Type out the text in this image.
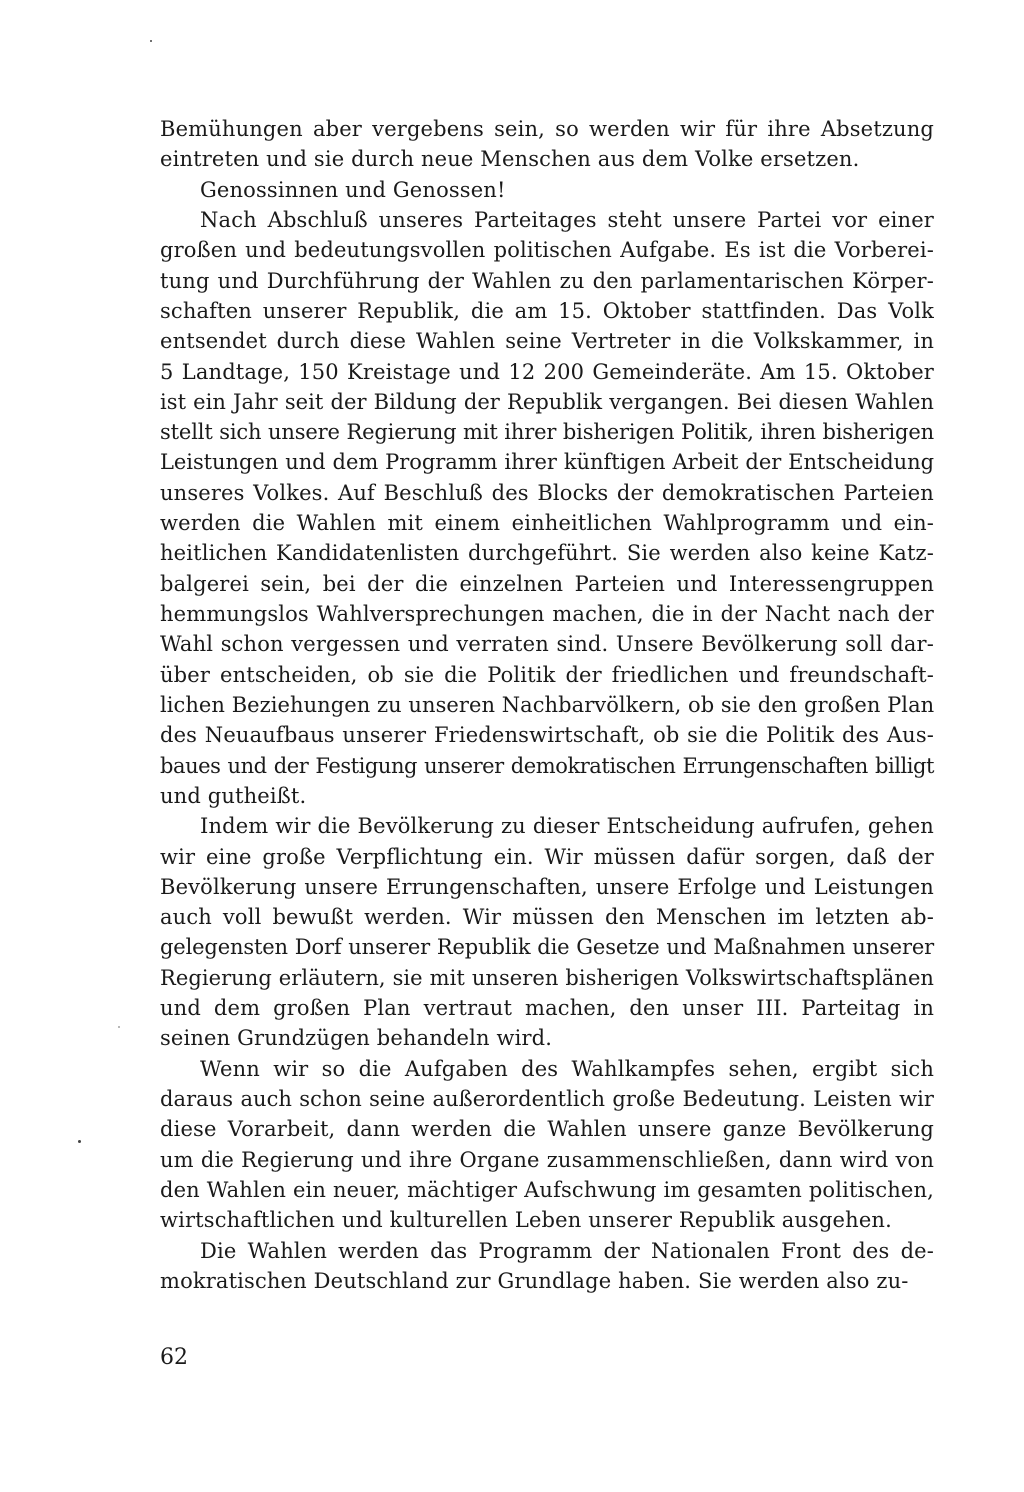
Bemühungen aber vergebens sein, so werden wir für ihre Absetzung
eintreten und sie durch neue Menschen aus dem Volke ersetzen.
Genossinnen und Genossen!
Nach Abschluß unseres Parteitages steht unsere Partei vor einer
großen und bedeutungsvollen politischen Aufgabe. Es ist die Vorberei-
tung und Durchführung der Wahlen zu den parlamentarischen Körper-
schaften unserer Republik, die am 15. Oktober stattfinden. Das Volk
entsendet durch diese Wahlen seine Vertreter in die Volkskammer, in
5 Landtage, 150 Kreistage und 12 200 Gemeinderäte. Am 15. Oktober
ist ein Jahr seit der Bildung der Republik vergangen. Bei diesen Wahlen
stellt sich unsere Regierung mit ihrer bisherigen Politik, ihren bisherigen
Leistungen und dem Programm ihrer künftigen Arbeit der Entscheidung
unseres Volkes. Auf Beschluß des Blocks der demokratischen Parteien
werden die Wahlen mit einem einheitlichen Wahlprogramm und ein-
heitlichen Kandidatenlisten durchgeführt. Sie werden also keine Katz-
balgerei sein, bei der die einzelnen Parteien und Interessengruppen
hemmungslos Wahlversprechungen machen, die in der Nacht nach der
Wahl schon vergessen und verraten sind. Unsere Bevölkerung soll dar-
über entscheiden, ob sie die Politik der friedlichen und freundschaft-
lichen Beziehungen zu unseren Nachbarvölkern, ob sie den großen Plan
des Neuaufbaus unserer Friedenswirtschaft, ob sie die Politik des Aus-
baues und der Festigung unserer demokratischen Errungenschaften billigt
und gutheißt.
Indem wir die Bevölkerung zu dieser Entscheidung aufrufen, gehen
wir eine große Verpflichtung ein. Wir müssen dafür sorgen, daß der
Bevölkerung unsere Errungenschaften, unsere Erfolge und Leistungen
auch voll bewußt werden. Wir müssen den Menschen im letzten ab-
gelegensten Dorf unserer Republik die Gesetze und Maßnahmen unserer
Regierung erläutern, sie mit unseren bisherigen Volkswirtschaftsplänen
und dem großen Plan vertraut machen, den unser III. Parteitag in
seinen Grundzügen behandeln wird.
Wenn wir so die Aufgaben des Wahlkampfes sehen, ergibt sich
daraus auch schon seine außerordentlich große Bedeutung. Leisten wir
diese Vorarbeit, dann werden die Wahlen unsere ganze Bevölkerung
um die Regierung und ihre Organe zusammenschließen, dann wird von
den Wahlen ein neuer, mächtiger Aufschwung im gesamten politischen,
wirtschaftlichen und kulturellen Leben unserer Republik ausgehen.
Die Wahlen werden das Programm der Nationalen Front des de-
mokratischen Deutschland zur Grundlage haben. Sie werden also zu-
62
